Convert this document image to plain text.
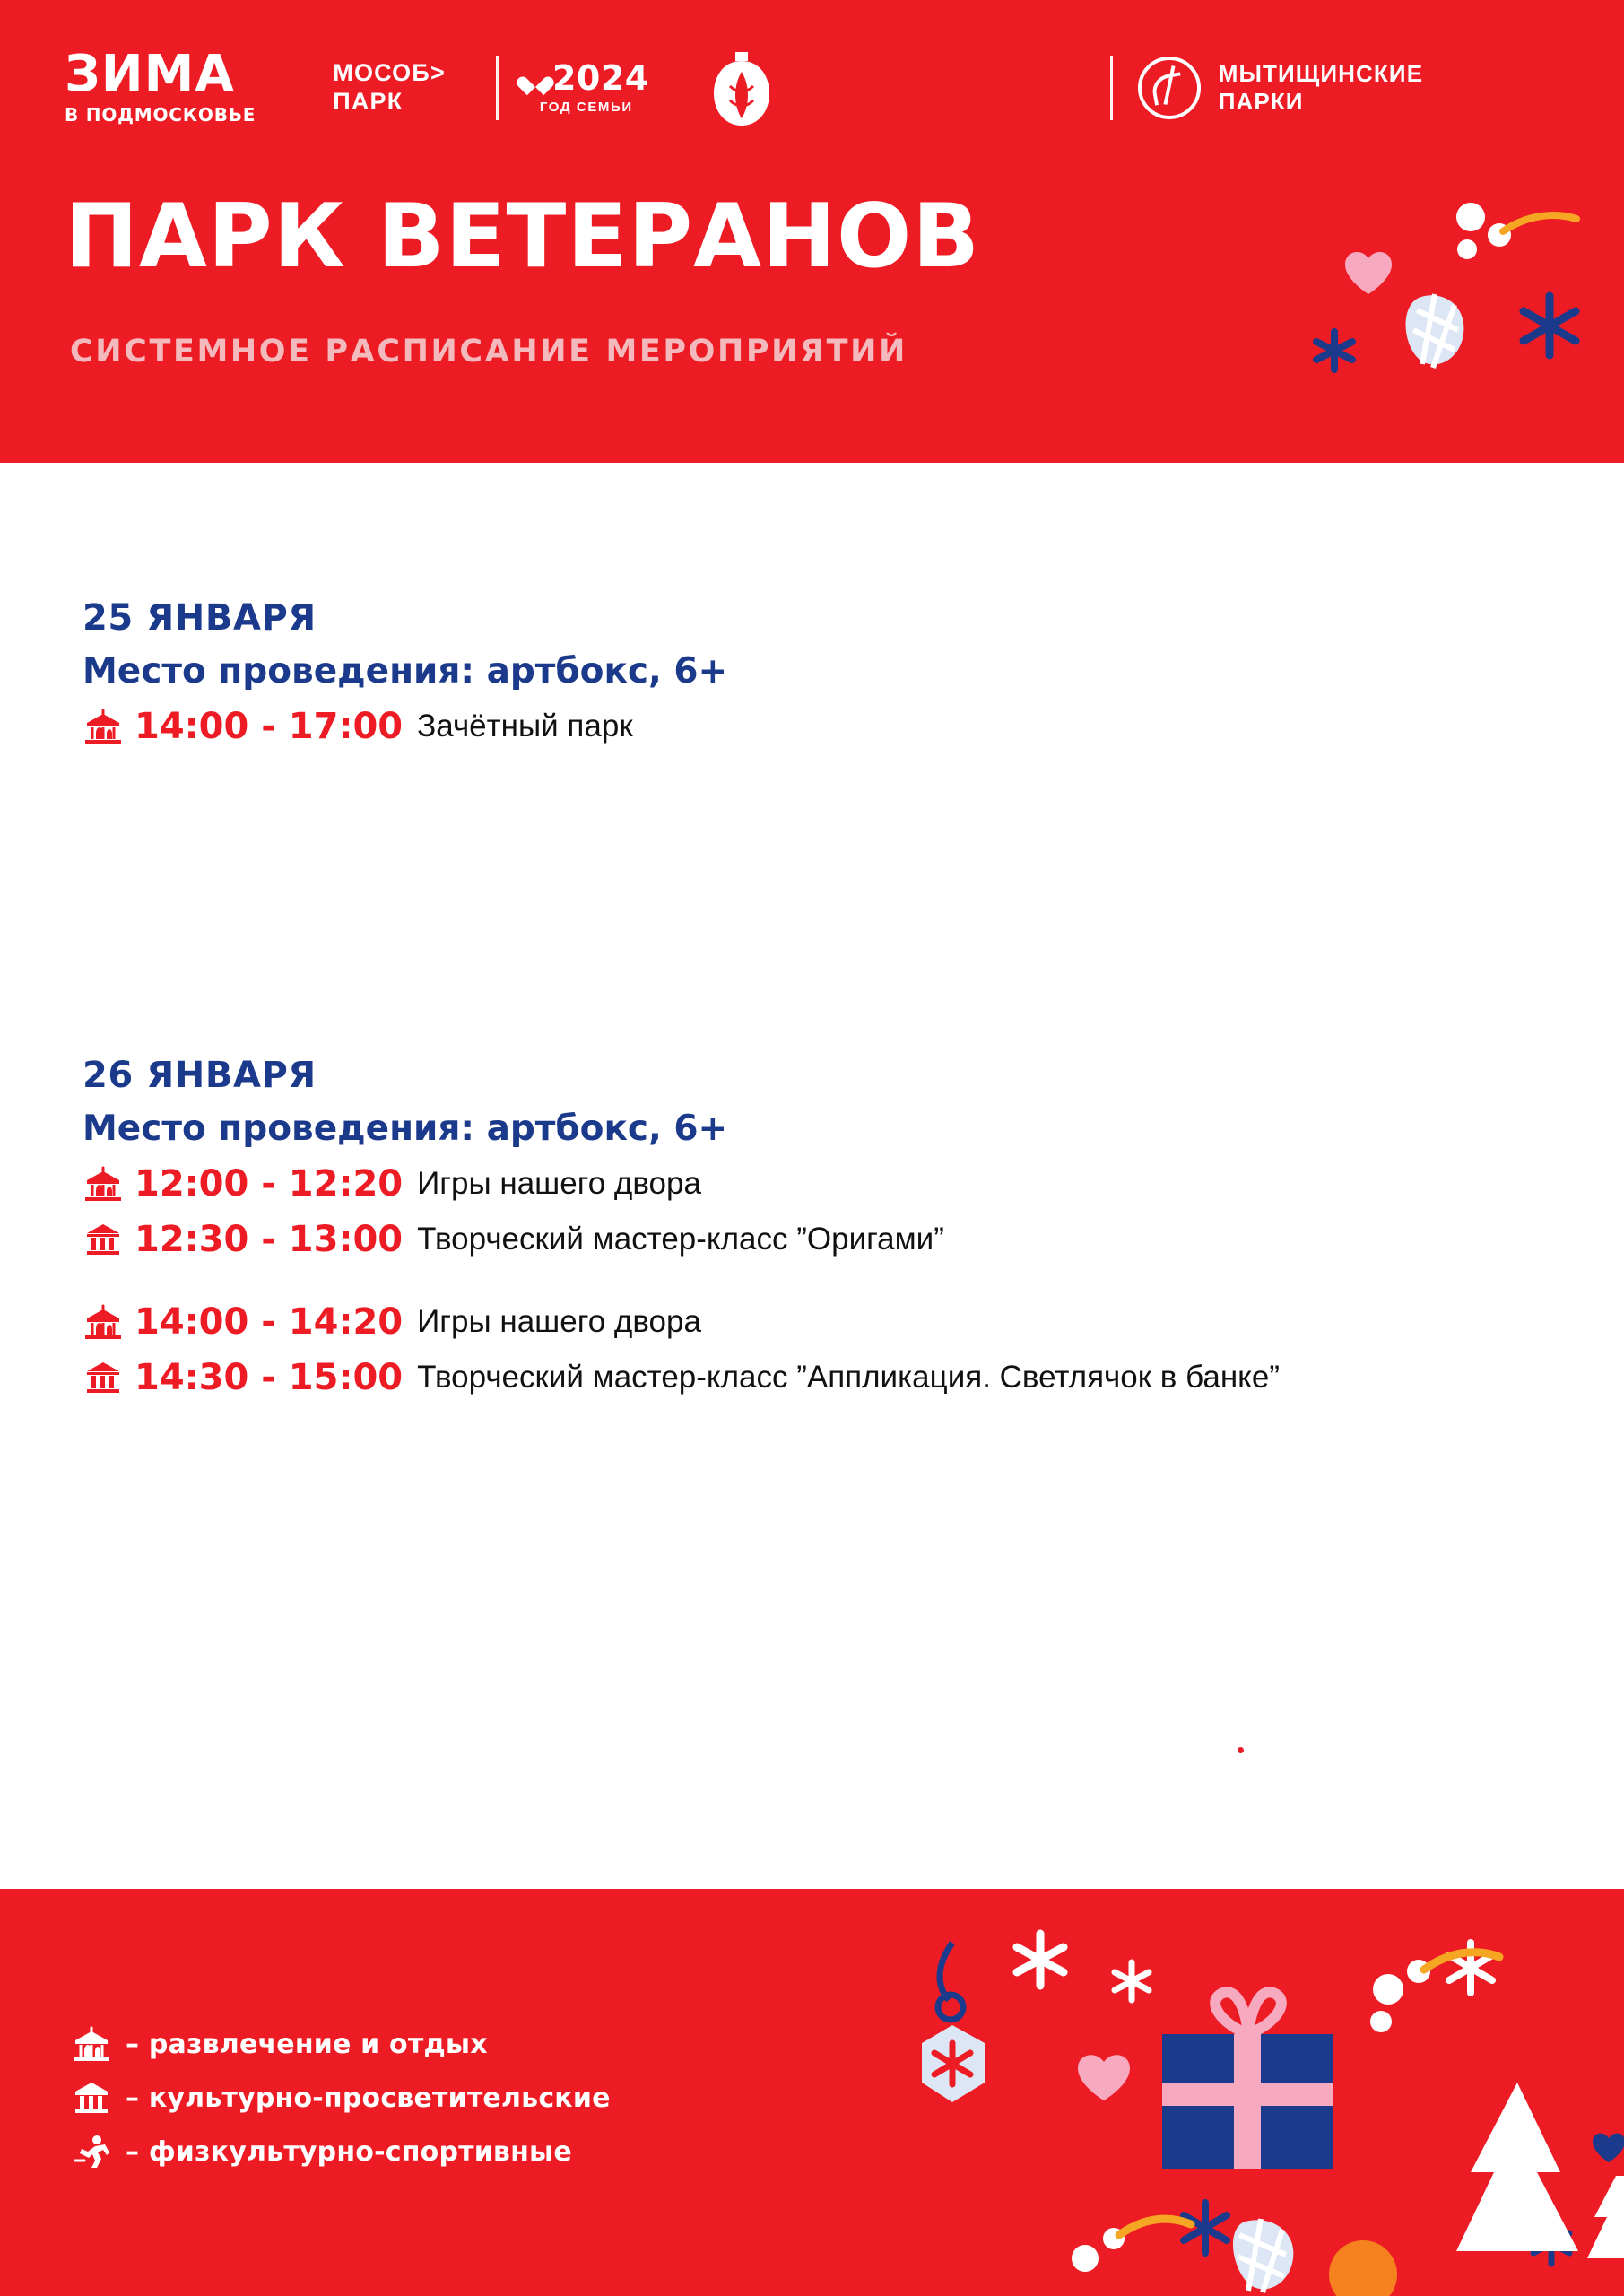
ЗИМА
В ПОДМОСКОВЬЕ
МОСОБ>
ПАРК
2024
ГОД СЕМЬИ
МЫТИЩИНСКИЕ
ПАРКИ
ПАРК ВЕТЕРАНОВ
СИСТЕМНОЕ РАСПИСАНИЕ МЕРОПРИЯТИЙ
25 ЯНВАРЯ
Место проведения: артбокс, 6+
14:00 - 17:00 Зачётный парк
26 ЯНВАРЯ
Место проведения: артбокс, 6+
12:00 - 12:20 Игры нашего двора
12:30 - 13:00 Творческий мастер-класс ”Оригами”
14:00 - 14:20 Игры нашего двора
14:30 - 15:00 Творческий мастер-класс ”Аппликация. Светлячок в банке”
– развлечение и отдых
– культурно-просветительские
– физкультурно-спортивные
